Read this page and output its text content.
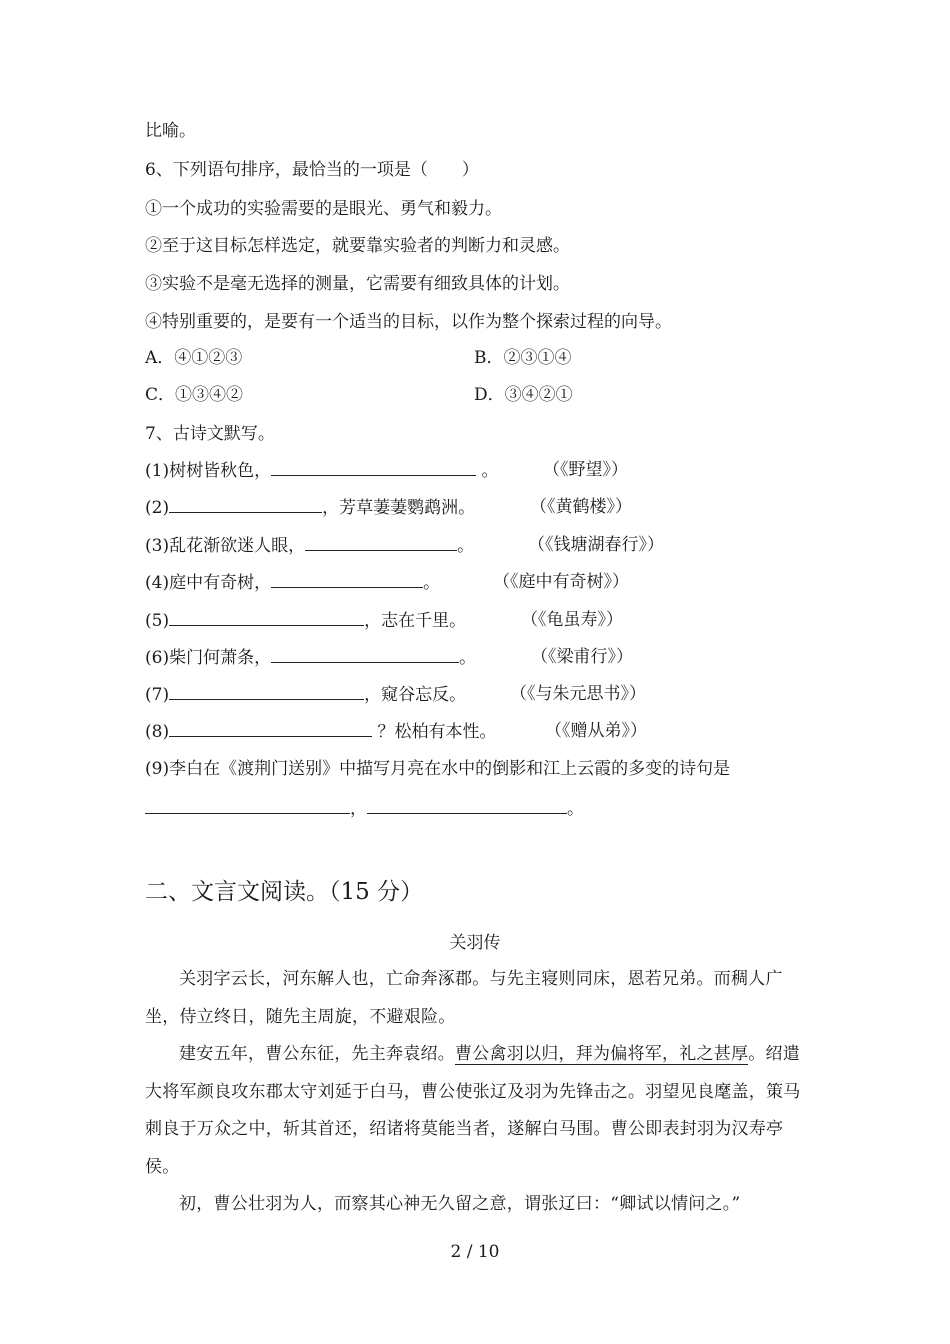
比喻。
6、下列语句排序，最恰当的一项是（　　）
①一个成功的实验需要的是眼光、勇气和毅力。
②至于这目标怎样选定，就要靠实验者的判断力和灵感。
③实验不是毫无选择的测量，它需要有细致具体的计划。
④特别重要的，是要有一个适当的目标，以作为整个探索过程的向导。
A．④①②③	B．②③①④
C．①③④②	D．③④②①
7、古诗文默写。
(1)树树皆秋色，	。	（《野望》）
(2)	，芳草萋萋鹦鹉洲。	（《黄鹤楼》）
(3)乱花渐欲迷人眼，	。	（《钱塘湖春行》）
(4)庭中有奇树，	。	（《庭中有奇树》）
(5)	，志在千里。	（《龟虽寿》）
(6)柴门何萧条，	。	（《梁甫行》）
(7)	，窥谷忘反。	（《与朱元思书》）
(8)	？松柏有本性。	（《赠从弟》）
(9)李白在《渡荆门送别》中描写月亮在水中的倒影和江上云霞的多变的诗句是
，	。
二、文言文阅读。（15 分）
关羽传

关羽字云长，河东解人也，亡命奔涿郡。与先主寝则同床，恩若兄弟。而稠人广坐，侍立终日，随先主周旋，不避艰险。

建安五年，曹公东征，先主奔袁绍。曹公禽羽以归，拜为偏将军，礼之甚厚。绍遣大将军颜良攻东郡太守刘延于白马，曹公使张辽及羽为先锋击之。羽望见良麾盖，策马刺良于万众之中，斩其首还，绍诸将莫能当者，遂解白马围。曹公即表封羽为汉寿亭侯。

初，曹公壮羽为人，而察其心神无久留之意，谓张辽曰：“卿试以情问之。”

2 / 10
